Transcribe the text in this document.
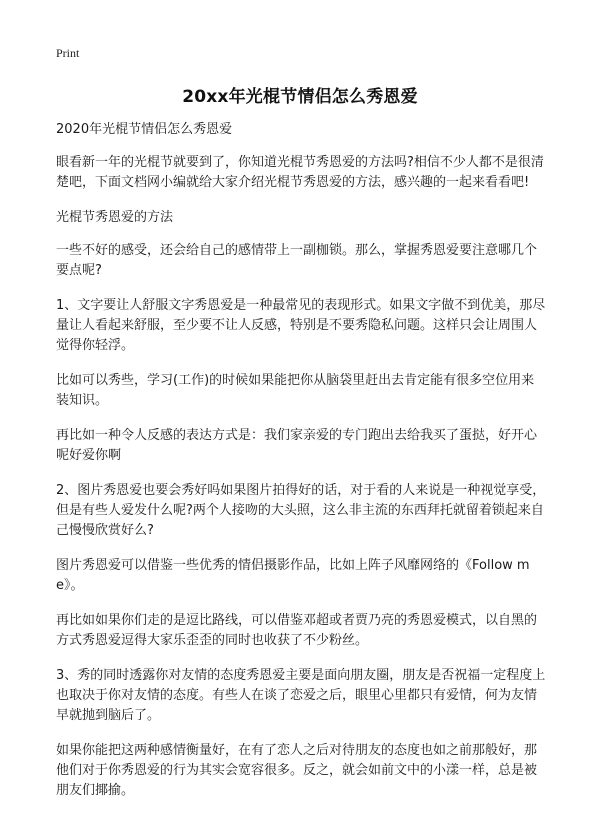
Print
20xx年光棍节情侣怎么秀恩爱

2020年光棍节情侣怎么秀恩爱

眼看新一年的光棍节就要到了，你知道光棍节秀恩爱的方法吗?相信不少人都不是很清楚吧，下面文档网小编就给大家介绍光棍节秀恩爱的方法，感兴趣的一起来看看吧!

光棍节秀恩爱的方法

一些不好的感受，还会给自己的感情带上一副枷锁。那么，掌握秀恩爱要注意哪几个要点呢?

1、文字要让人舒服文字秀恩爱是一种最常见的表现形式。如果文字做不到优美，那尽量让人看起来舒服，至少要不让人反感，特别是不要秀隐私问题。这样只会让周围人觉得你轻浮。

比如可以秀些，学习(工作)的时候如果能把你从脑袋里赶出去肯定能有很多空位用来装知识。

再比如一种令人反感的表达方式是：我们家亲爱的专门跑出去给我买了蛋挞，好开心呢好爱你啊

2、图片秀恩爱也要会秀好吗如果图片拍得好的话，对于看的人来说是一种视觉享受，但是有些人爱发什么呢?两个人接吻的大头照，这么非主流的东西拜托就留着锁起来自己慢慢欣赏好么?

图片秀恩爱可以借鉴一些优秀的情侣摄影作品，比如上阵子风靡网络的《Follow me》。

再比如如果你们走的是逗比路线，可以借鉴邓超或者贾乃亮的秀恩爱模式，以自黑的方式秀恩爱逗得大家乐歪歪的同时也收获了不少粉丝。

3、秀的同时透露你对友情的态度秀恩爱主要是面向朋友圈，朋友是否祝福一定程度上也取决于你对友情的态度。有些人在谈了恋爱之后，眼里心里都只有爱情，何为友情早就抛到脑后了。

如果你能把这两种感情衡量好，在有了恋人之后对待朋友的态度也如之前那般好，那他们对于你秀恩爱的行为其实会宽容很多。反之，就会如前文中的小漾一样，总是被朋友们揶揄。
